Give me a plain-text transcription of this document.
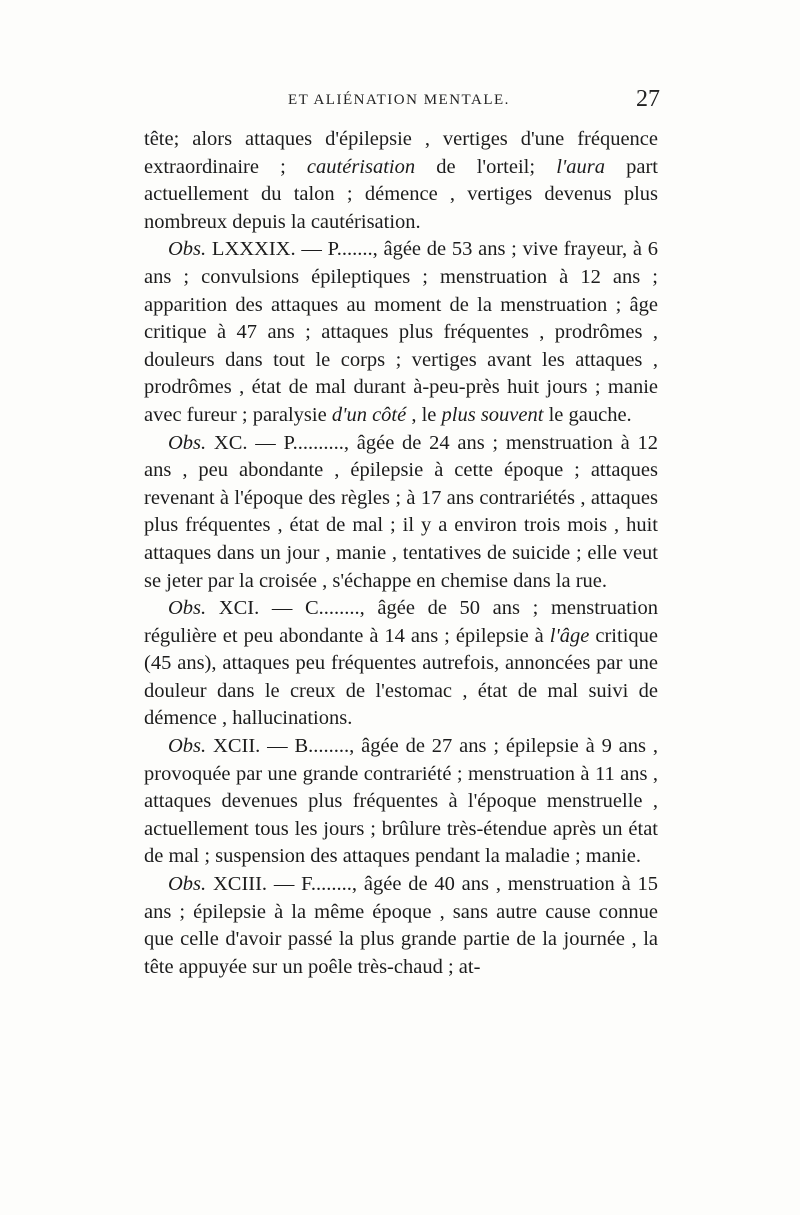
ET ALIÉNATION MENTALE.	27

tête; alors attaques d'épilepsie , vertiges d'une fréquence extraordinaire ; cautérisation de l'orteil; l'aura part actuellement du talon ; démence , vertiges devenus plus nombreux depuis la cautérisation.

Obs. LXXXIX. — P......., âgée de 53 ans ; vive frayeur, à 6 ans ; convulsions épileptiques ; menstruation à 12 ans ; apparition des attaques au moment de la menstruation ; âge critique à 47 ans ; attaques plus fréquentes , prodrômes , douleurs dans tout le corps ; vertiges avant les attaques , prodrômes , état de mal durant à-peu-près huit jours ; manie avec fureur ; paralysie d'un côté , le plus souvent le gauche.

Obs. XC. — P.........., âgée de 24 ans ; menstruation à 12 ans , peu abondante , épilepsie à cette époque ; attaques revenant à l'époque des règles ; à 17 ans contrariétés , attaques plus fréquentes , état de mal ; il y a environ trois mois , huit attaques dans un jour , manie , tentatives de suicide ; elle veut se jeter par la croisée , s'échappe en chemise dans la rue.

Obs. XCI. — C........, âgée de 50 ans ; menstruation régulière et peu abondante à 14 ans ; épilepsie à l'âge critique (45 ans), attaques peu fréquentes autrefois, annoncées par une douleur dans le creux de l'estomac , état de mal suivi de démence , hallucinations.

Obs. XCII. — B........, âgée de 27 ans ; épilepsie à 9 ans , provoquée par une grande contrariété ; menstruation à 11 ans , attaques devenues plus fréquentes à l'époque menstruelle , actuellement tous les jours ; brûlure très-étendue après un état de mal ; suspension des attaques pendant la maladie ; manie.

Obs. XCIII. — F........, âgée de 40 ans , menstruation à 15 ans ; épilepsie à la même époque , sans autre cause connue que celle d'avoir passé la plus grande partie de la journée , la tête appuyée sur un poêle très-chaud ; at-
